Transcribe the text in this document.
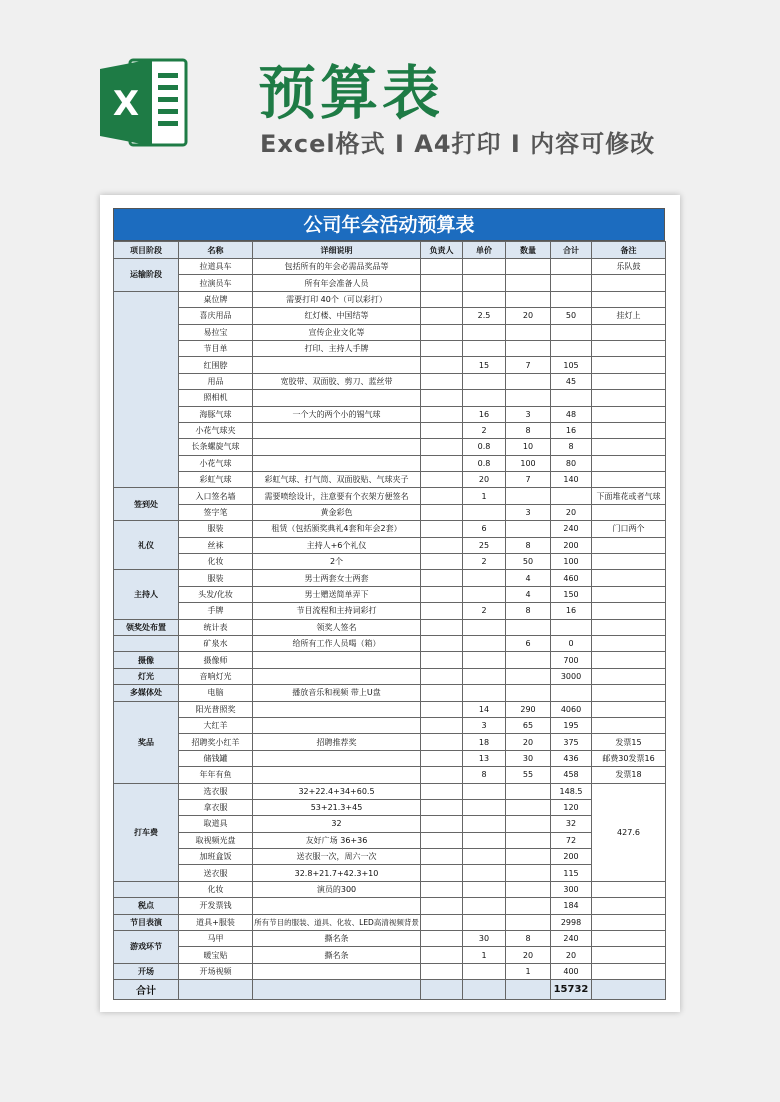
X 预算表
Excel格式 I A4打印 I 内容可修改
公司年会活动预算表
项目阶段	名称	详细说明	负责人	单价	数量	合计	备注
运输阶段	拉道具车	包括所有的年会必需品奖品等					乐队鼓
	拉演员车	所有年会准备人员					
	桌位牌	需要打印 40个（可以彩打）					
	喜庆用品	红灯楼、中国结等		2.5	20	50	挂灯上
	易拉宝	宣传企业文化等					
	节目单	打印、主持人手牌					
	红围脖			15	7	105	
	用品	宽胶带、双面胶、剪刀、蓝丝带				45	
	照相机						
	海豚气球	一个大的两个小的锡气球		16	3	48	
	小花气球夹			2	8	16	
	长条螺旋气球			0.8	10	8	
	小花气球			0.8	100	80	
	彩虹气球	彩虹气球、打气筒、双面胶贴、气球夹子		20	7	140	
签到处	入口签名墙	需要喷绘设计，注意要有个衣架方便签名		1			下面堆花或者气球
	签字笔	黄金彩色			3	20	
礼仪	服装	租赁（包括颁奖典礼4套和年会2套）		6		240	门口两个
	丝袜	主持人+6个礼仪		25	8	200	
	化妆	2个		2	50	100	
主持人	服装	男士两套女士两套			4	460	
	头发/化妆	男士赠送简单弄下			4	150	
	手牌	节目流程和主持词彩打		2	8	16	
领奖处布置	统计表	领奖人签名					
	矿泉水	给所有工作人员喝（箱）			6	0	
摄像	摄像师					700	
灯光	音响灯光					3000	
多媒体处	电脑	播放音乐和视频 带上U盘					
奖品	阳光普照奖			14	290	4060	
	大红羊			3	65	195	
	招聘奖小红羊	招聘推荐奖		18	20	375	发票15
	储钱罐			13	30	436	邮费30发票16
	年年有鱼			8	55	458	发票18
打车费	选衣服	32+22.4+34+60.5				148.5	427.6
	拿衣服	53+21.3+45				120	
	取道具	32				32	
	取视频光盘	友好广场 36+36				72	
	加班盒饭	送衣服一次，周六一次				200	
	送衣服	32.8+21.7+42.3+10				115	
	化妆	演员的300				300	
税点	开发票钱					184	
节目表演	道具+服装	所有节目的服装、道具、化妆、LED高清视频背景				2998	
游戏环节	马甲	撕名条		30	8	240	
	暖宝贴	撕名条		1	20	20	
开场	开场视频				1	400	
合计						15732	
